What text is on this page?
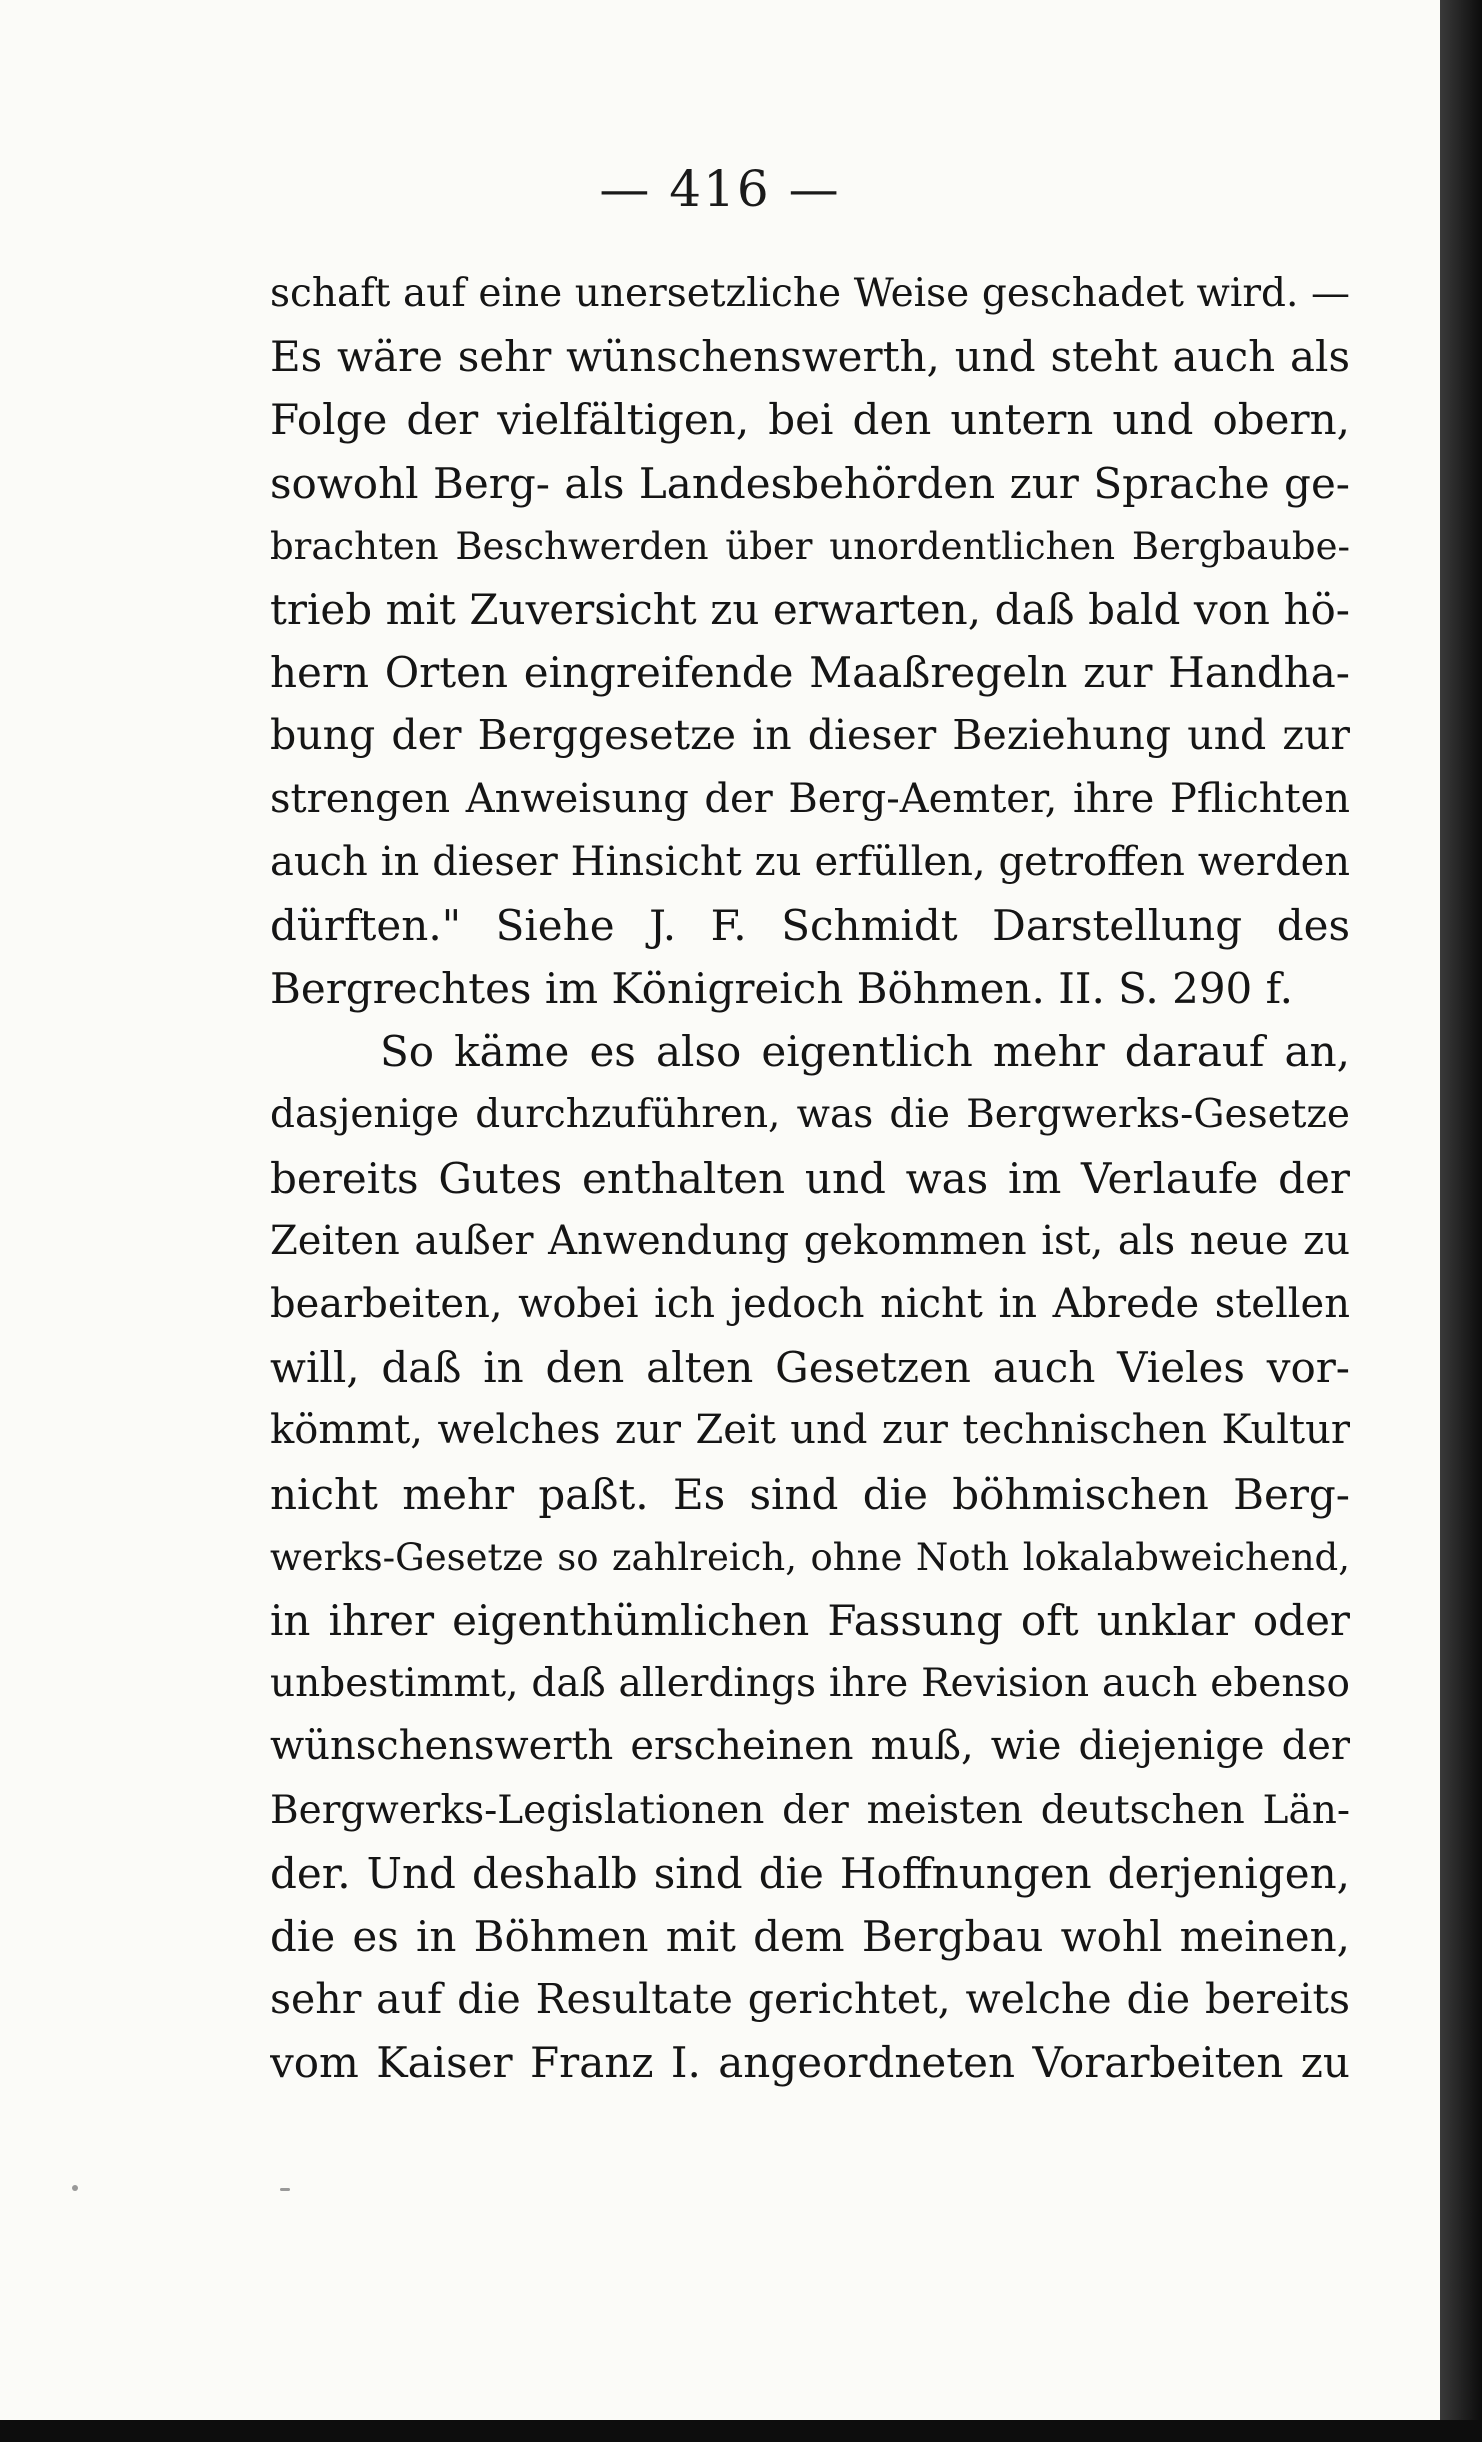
— 416 —
schaft auf eine unersetzliche Weise geschadet wird. —
Es wäre sehr wünschenswerth, und steht auch als
Folge der vielfältigen, bei den untern und obern,
sowohl Berg- als Landesbehörden zur Sprache ge-
brachten Beschwerden über unordentlichen Bergbaube-
trieb mit Zuversicht zu erwarten, daß bald von hö-
hern Orten eingreifende Maaßregeln zur Handha-
bung der Berggesetze in dieser Beziehung und zur
strengen Anweisung der Berg-Aemter, ihre Pflichten
auch in dieser Hinsicht zu erfüllen, getroffen werden
dürften." Siehe J. F. Schmidt Darstellung des
Bergrechtes im Königreich Böhmen. II. S. 290 f.
So käme es also eigentlich mehr darauf an,
dasjenige durchzuführen, was die Bergwerks-Gesetze
bereits Gutes enthalten und was im Verlaufe der
Zeiten außer Anwendung gekommen ist, als neue zu
bearbeiten, wobei ich jedoch nicht in Abrede stellen
will, daß in den alten Gesetzen auch Vieles vor-
kömmt, welches zur Zeit und zur technischen Kultur
nicht mehr paßt. Es sind die böhmischen Berg-
werks-Gesetze so zahlreich, ohne Noth lokalabweichend,
in ihrer eigenthümlichen Fassung oft unklar oder
unbestimmt, daß allerdings ihre Revision auch ebenso
wünschenswerth erscheinen muß, wie diejenige der
Bergwerks-Legislationen der meisten deutschen Län-
der. Und deshalb sind die Hoffnungen derjenigen,
die es in Böhmen mit dem Bergbau wohl meinen,
sehr auf die Resultate gerichtet, welche die bereits
vom Kaiser Franz I. angeordneten Vorarbeiten zu
